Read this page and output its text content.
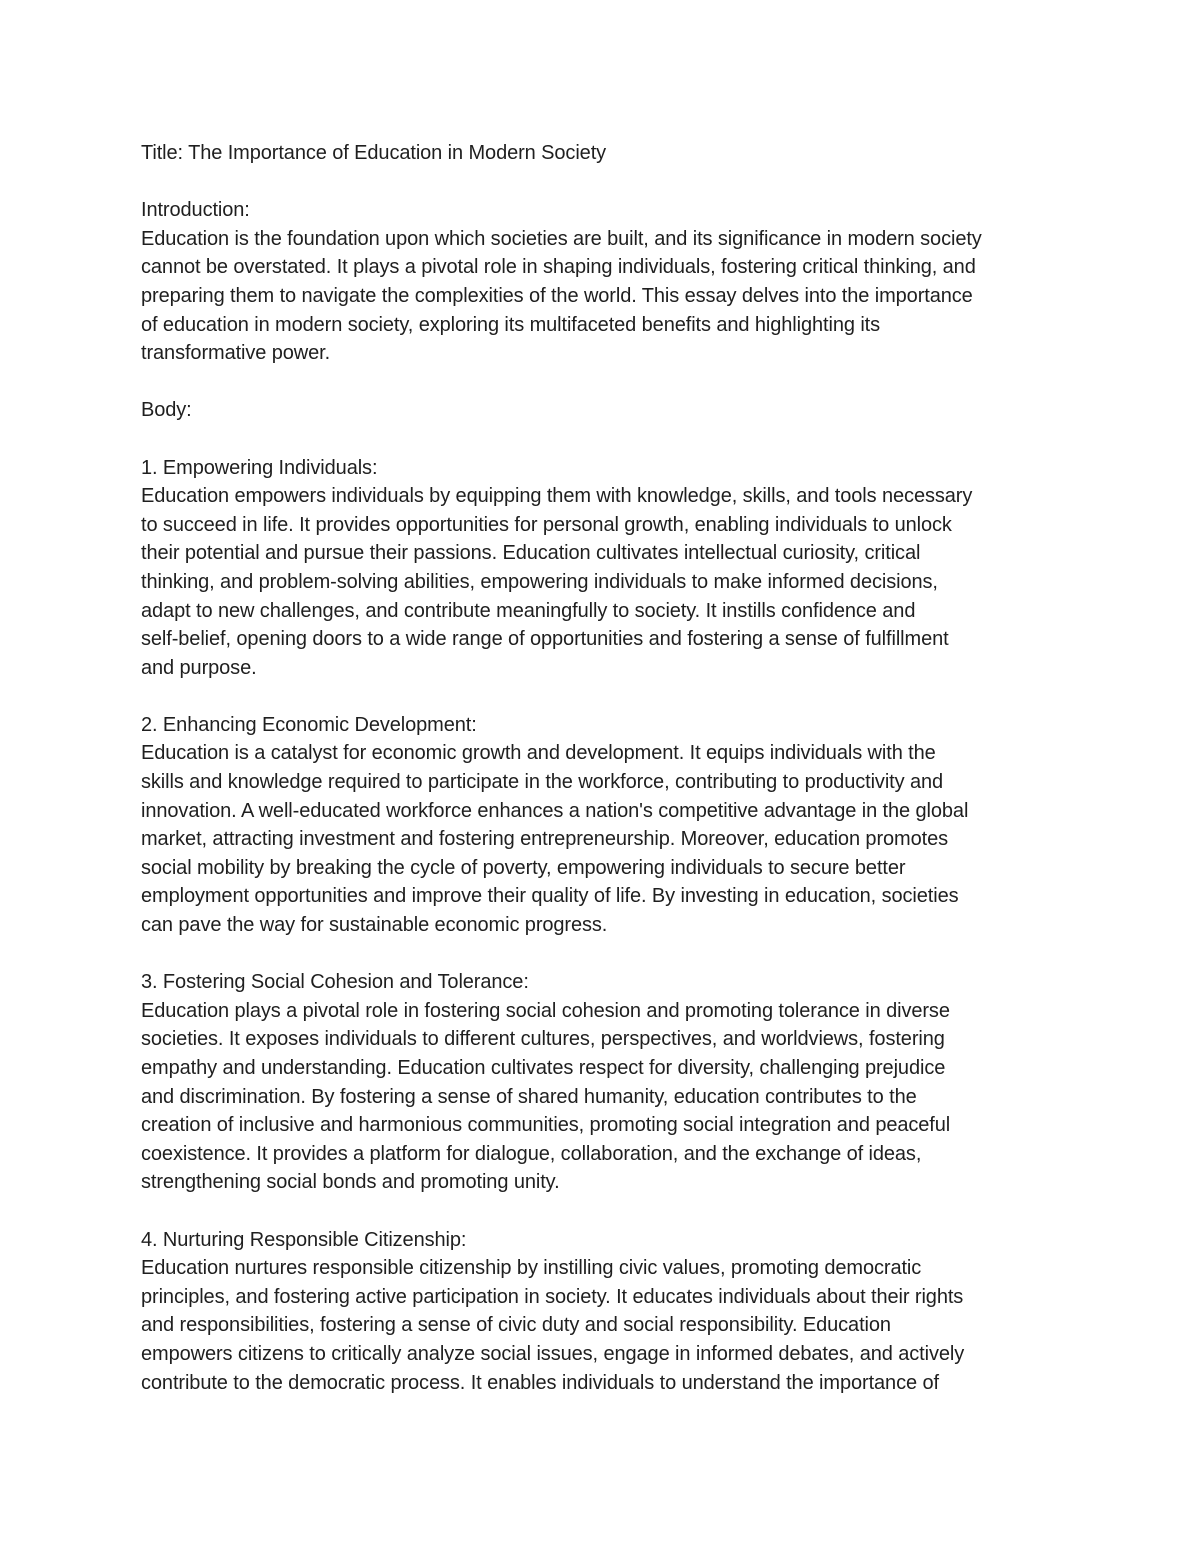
Title: The Importance of Education in Modern Society
Introduction:
Education is the foundation upon which societies are built, and its significance in modern society
cannot be overstated. It plays a pivotal role in shaping individuals, fostering critical thinking, and
preparing them to navigate the complexities of the world. This essay delves into the importance
of education in modern society, exploring its multifaceted benefits and highlighting its
transformative power.
Body:
1. Empowering Individuals:
Education empowers individuals by equipping them with knowledge, skills, and tools necessary
to succeed in life. It provides opportunities for personal growth, enabling individuals to unlock
their potential and pursue their passions. Education cultivates intellectual curiosity, critical
thinking, and problem-solving abilities, empowering individuals to make informed decisions,
adapt to new challenges, and contribute meaningfully to society. It instills confidence and
self-belief, opening doors to a wide range of opportunities and fostering a sense of fulfillment
and purpose.
2. Enhancing Economic Development:
Education is a catalyst for economic growth and development. It equips individuals with the
skills and knowledge required to participate in the workforce, contributing to productivity and
innovation. A well-educated workforce enhances a nation's competitive advantage in the global
market, attracting investment and fostering entrepreneurship. Moreover, education promotes
social mobility by breaking the cycle of poverty, empowering individuals to secure better
employment opportunities and improve their quality of life. By investing in education, societies
can pave the way for sustainable economic progress.
3. Fostering Social Cohesion and Tolerance:
Education plays a pivotal role in fostering social cohesion and promoting tolerance in diverse
societies. It exposes individuals to different cultures, perspectives, and worldviews, fostering
empathy and understanding. Education cultivates respect for diversity, challenging prejudice
and discrimination. By fostering a sense of shared humanity, education contributes to the
creation of inclusive and harmonious communities, promoting social integration and peaceful
coexistence. It provides a platform for dialogue, collaboration, and the exchange of ideas,
strengthening social bonds and promoting unity.
4. Nurturing Responsible Citizenship:
Education nurtures responsible citizenship by instilling civic values, promoting democratic
principles, and fostering active participation in society. It educates individuals about their rights
and responsibilities, fostering a sense of civic duty and social responsibility. Education
empowers citizens to critically analyze social issues, engage in informed debates, and actively
contribute to the democratic process. It enables individuals to understand the importance of
